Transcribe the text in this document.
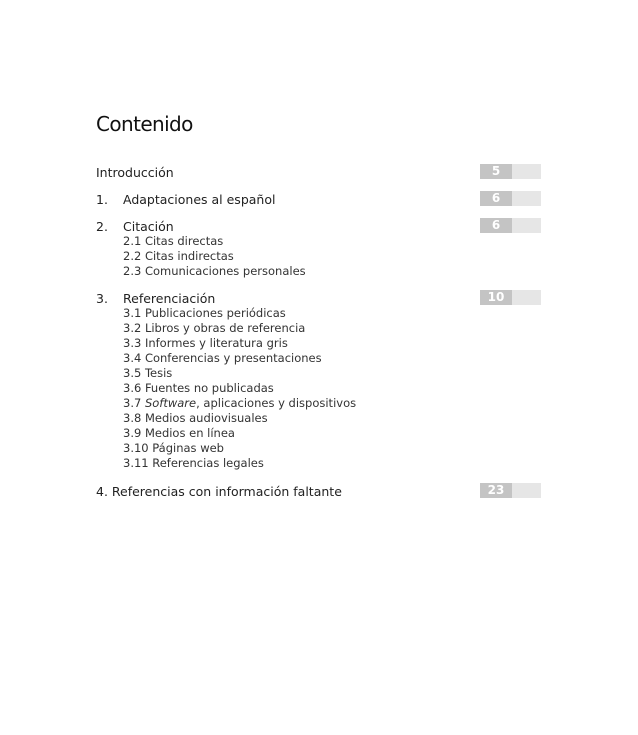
Contenido
Introducción	5
1. Adaptaciones al español	6
2. Citación	6
2.1 Citas directas
2.2 Citas indirectas
2.3 Comunicaciones personales
3. Referenciación	10
3.1 Publicaciones periódicas
3.2 Libros y obras de referencia
3.3 Informes y literatura gris
3.4 Conferencias y presentaciones
3.5 Tesis
3.6 Fuentes no publicadas
3.7 Software, aplicaciones y dispositivos
3.8 Medios audiovisuales
3.9 Medios en línea
3.10 Páginas web
3.11 Referencias legales
4. Referencias con información faltante	23
